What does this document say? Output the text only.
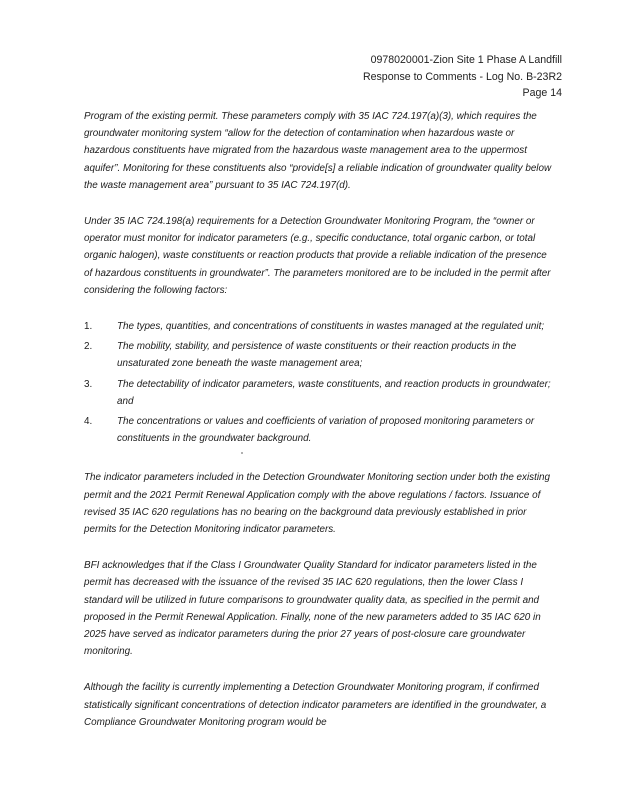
0978020001-Zion Site 1 Phase A Landfill
Response to Comments - Log No. B-23R2
Page 14

Program of the existing permit. These parameters comply with 35 IAC 724.197(a)(3), which requires the groundwater monitoring system “allow for the detection of contamination when hazardous waste or hazardous constituents have migrated from the hazardous waste management area to the uppermost aquifer”. Monitoring for these constituents also “provide[s] a reliable indication of groundwater quality below the waste management area” pursuant to 35 IAC 724.197(d).

Under 35 IAC 724.198(a) requirements for a Detection Groundwater Monitoring Program, the “owner or operator must monitor for indicator parameters (e.g., specific conductance, total organic carbon, or total organic halogen), waste constituents or reaction products that provide a reliable indication of the presence of hazardous constituents in groundwater”. The parameters monitored are to be included in the permit after considering the following factors:

1.	The types, quantities, and concentrations of constituents in wastes managed at the regulated unit;
2.	The mobility, stability, and persistence of waste constituents or their reaction products in the unsaturated zone beneath the waste management area;
3.	The detectability of indicator parameters, waste constituents, and reaction products in groundwater; and
4.	The concentrations or values and coefficients of variation of proposed monitoring parameters or constituents in the groundwater background.

The indicator parameters included in the Detection Groundwater Monitoring section under both the existing permit and the 2021 Permit Renewal Application comply with the above regulations / factors. Issuance of revised 35 IAC 620 regulations has no bearing on the background data previously established in prior permits for the Detection Monitoring indicator parameters.

BFI acknowledges that if the Class I Groundwater Quality Standard for indicator parameters listed in the permit has decreased with the issuance of the revised 35 IAC 620 regulations, then the lower Class I standard will be utilized in future comparisons to groundwater quality data, as specified in the permit and proposed in the Permit Renewal Application. Finally, none of the new parameters added to 35 IAC 620 in 2025 have served as indicator parameters during the prior 27 years of post-closure care groundwater monitoring.

Although the facility is currently implementing a Detection Groundwater Monitoring program, if confirmed statistically significant concentrations of detection indicator parameters are identified in the groundwater, a Compliance Groundwater Monitoring program would be
